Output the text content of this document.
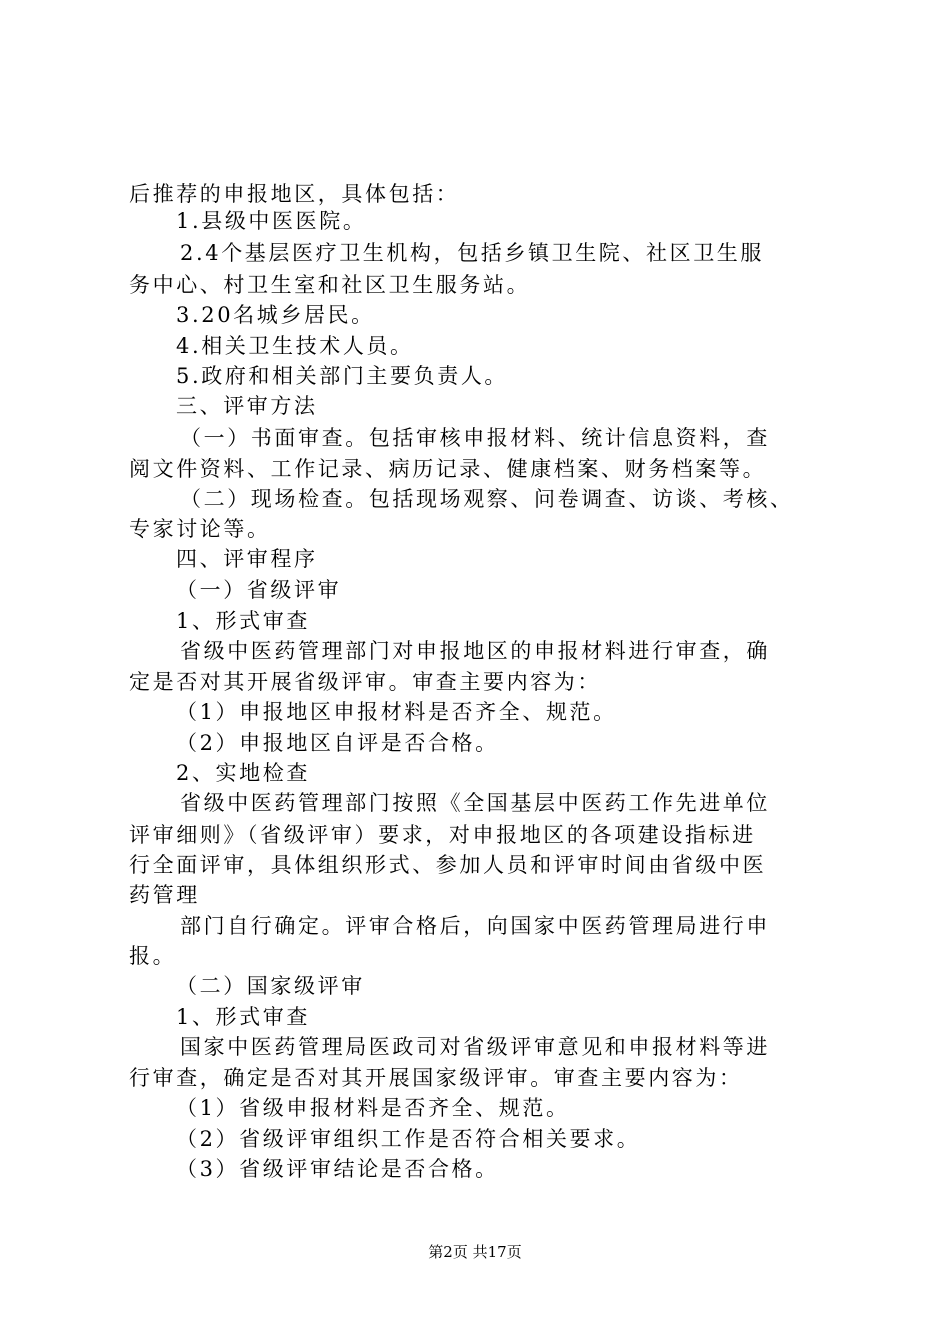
后推荐的申报地区，具体包括：
1.县级中医医院。
2.4个基层医疗卫生机构，包括乡镇卫生院、社区卫生服
务中心、村卫生室和社区卫生服务站。
3.20名城乡居民。
4.相关卫生技术人员。
5.政府和相关部门主要负责人。
三、评审方法
（一）书面审查。包括审核申报材料、统计信息资料，查
阅文件资料、工作记录、病历记录、健康档案、财务档案等。
（二）现场检查。包括现场观察、问卷调查、访谈、考核、
专家讨论等。
四、评审程序
（一）省级评审
1、形式审查
省级中医药管理部门对申报地区的申报材料进行审查，确
定是否对其开展省级评审。审查主要内容为：
（1）申报地区申报材料是否齐全、规范。
（2）申报地区自评是否合格。
2、实地检查
省级中医药管理部门按照《全国基层中医药工作先进单位
评审细则》（省级评审）要求，对申报地区的各项建设指标进
行全面评审，具体组织形式、参加人员和评审时间由省级中医
药管理
部门自行确定。评审合格后，向国家中医药管理局进行申
报。
（二）国家级评审
1、形式审查
国家中医药管理局医政司对省级评审意见和申报材料等进
行审查，确定是否对其开展国家级评审。审查主要内容为：
（1）省级申报材料是否齐全、规范。
（2）省级评审组织工作是否符合相关要求。
（3）省级评审结论是否合格。
第2页 共17页
